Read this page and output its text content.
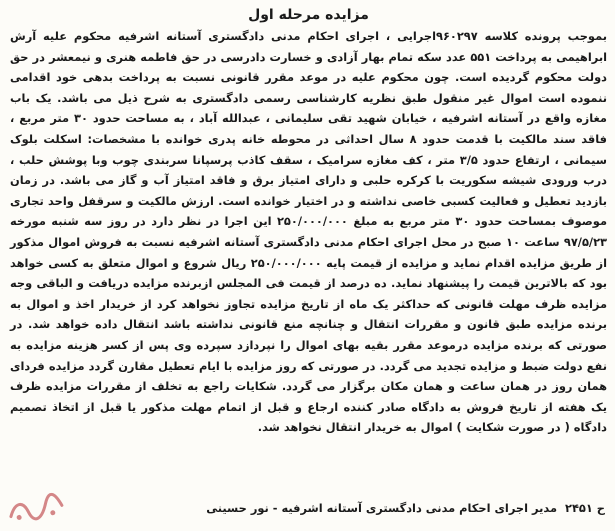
مزایده مرحله اول

بموجب پرونده کلاسه ۹۶۰۲۹۷اجرایی ، اجرای احکام مدنی دادگستری آستانه اشرفیه محکوم علیه آرش ابراهیمی به پرداخت ۵۵۱ عدد سکه تمام بهار آزادی و خسارت دادرسی در حق فاطمه هنری و نیمعشر در حق دولت محکوم گردیده است. چون محکوم علیه در موعد مقرر قانونی نسبت به پرداخت بدهی خود اقدامی ننموده است اموال غیر منقول طبق نظریه کارشناسی رسمی دادگستری به شرح ذیل می باشد. یک باب مغازه واقع در آستانه اشرفیه ، خیابان شهید تقی سلیمانی ، عبدالله آباد ، به مساحت حدود ۳۰ متر مربع ، فاقد سند مالکیت با قدمت حدود ۸ سال احداثی در محوطه خانه پدری خوانده با مشخصات: اسکلت بلوک سیمانی ، ارتفاع حدود ۳/۵ متر ، کف مغازه سرامیک ، سقف کاذب پرسپانا سربندی چوب وبا پوشش حلب ، درب ورودی شیشه سکوریت با کرکره حلبی و دارای امتیاز برق و فاقد امتیاز آب و گاز می باشد. در زمان بازدید تعطیل و فعالیت کسبی خاصی نداشته و در اختیار خوانده است. ارزش مالکیت و سرقفل واحد تجاری موصوف بمساحت حدود ۳۰ متر مربع به مبلغ ۲۵۰/۰۰۰/۰۰۰ این اجرا در نظر دارد در روز سه شنبه مورخه ۹۷/۵/۲۳ ساعت ۱۰ صبح در محل اجرای احکام مدنی دادگستری آستانه اشرفیه نسبت به فروش اموال مذکور از طریق مزایده اقدام نماید و مزایده از قیمت پایه ۲۵۰/۰۰۰/۰۰۰ ریال شروع و اموال متعلق به کسی خواهد بود که بالاترین قیمت را پیشنهاد نماید. ده درصد از قیمت فی المجلس ازبرنده مزایده دریافت و الباقی وجه مزایده ظرف مهلت قانونی که حداکثر یک ماه از تاریخ مزایده تجاوز نخواهد کرد از خریدار اخذ و اموال به برنده مزایده طبق قانون و مقررات انتقال و چنانچه منع قانونی نداشته باشد انتقال داده خواهد شد. در صورتی که برنده مزایده درموعد مقرر بقیه بهای اموال را نپردازد سپرده وی پس از کسر هزینه مزایده به نفع دولت ضبط و مزایده تجدید می گردد. در صورتی که روز مزایده با ایام تعطیل مقارن گردد مزایده فردای همان روز در همان ساعت و همان مکان برگزار می گردد. شکایات راجع به تخلف از مقررات مزایده ظرف یک هفته از تاریخ فروش به دادگاه صادر کننده ارجاع و قبل از اتمام مهلت مذکور یا قبل از اتخاذ تصمیم دادگاه ( در صورت شکایت ) اموال به خریدار انتقال نخواهد شد.

ح ۲۴۵۱
مدیر اجرای احکام مدنی دادگستری آستانه اشرفیه - نور حسینی
